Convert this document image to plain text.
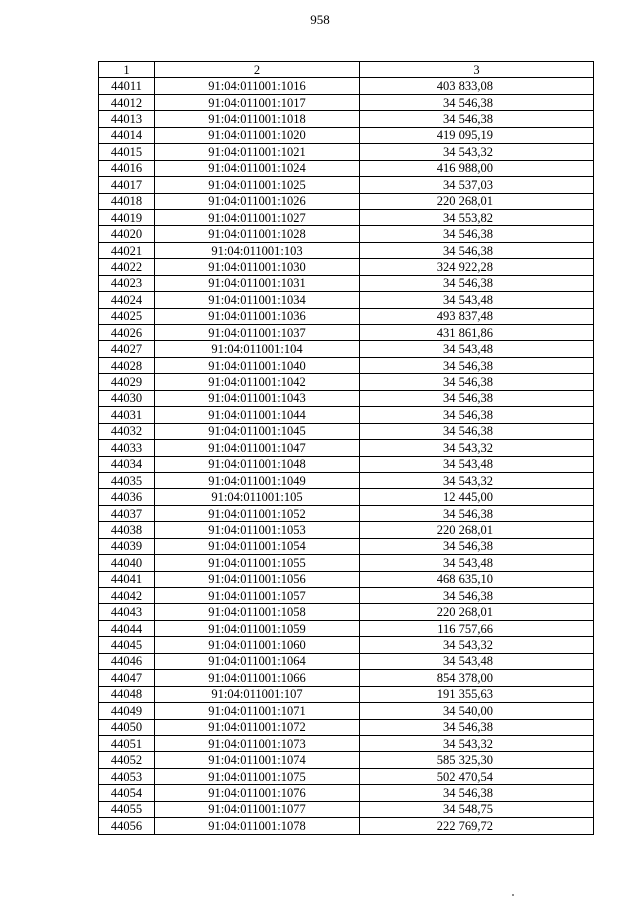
958
1	2	3
44011	91:04:011001:1016	403 833,08
44012	91:04:011001:1017	34 546,38
44013	91:04:011001:1018	34 546,38
44014	91:04:011001:1020	419 095,19
44015	91:04:011001:1021	34 543,32
44016	91:04:011001:1024	416 988,00
44017	91:04:011001:1025	34 537,03
44018	91:04:011001:1026	220 268,01
44019	91:04:011001:1027	34 553,82
44020	91:04:011001:1028	34 546,38
44021	91:04:011001:103	34 546,38
44022	91:04:011001:1030	324 922,28
44023	91:04:011001:1031	34 546,38
44024	91:04:011001:1034	34 543,48
44025	91:04:011001:1036	493 837,48
44026	91:04:011001:1037	431 861,86
44027	91:04:011001:104	34 543,48
44028	91:04:011001:1040	34 546,38
44029	91:04:011001:1042	34 546,38
44030	91:04:011001:1043	34 546,38
44031	91:04:011001:1044	34 546,38
44032	91:04:011001:1045	34 546,38
44033	91:04:011001:1047	34 543,32
44034	91:04:011001:1048	34 543,48
44035	91:04:011001:1049	34 543,32
44036	91:04:011001:105	12 445,00
44037	91:04:011001:1052	34 546,38
44038	91:04:011001:1053	220 268,01
44039	91:04:011001:1054	34 546,38
44040	91:04:011001:1055	34 543,48
44041	91:04:011001:1056	468 635,10
44042	91:04:011001:1057	34 546,38
44043	91:04:011001:1058	220 268,01
44044	91:04:011001:1059	116 757,66
44045	91:04:011001:1060	34 543,32
44046	91:04:011001:1064	34 543,48
44047	91:04:011001:1066	854 378,00
44048	91:04:011001:107	191 355,63
44049	91:04:011001:1071	34 540,00
44050	91:04:011001:1072	34 546,38
44051	91:04:011001:1073	34 543,32
44052	91:04:011001:1074	585 325,30
44053	91:04:011001:1075	502 470,54
44054	91:04:011001:1076	34 546,38
44055	91:04:011001:1077	34 548,75
44056	91:04:011001:1078	222 769,72
